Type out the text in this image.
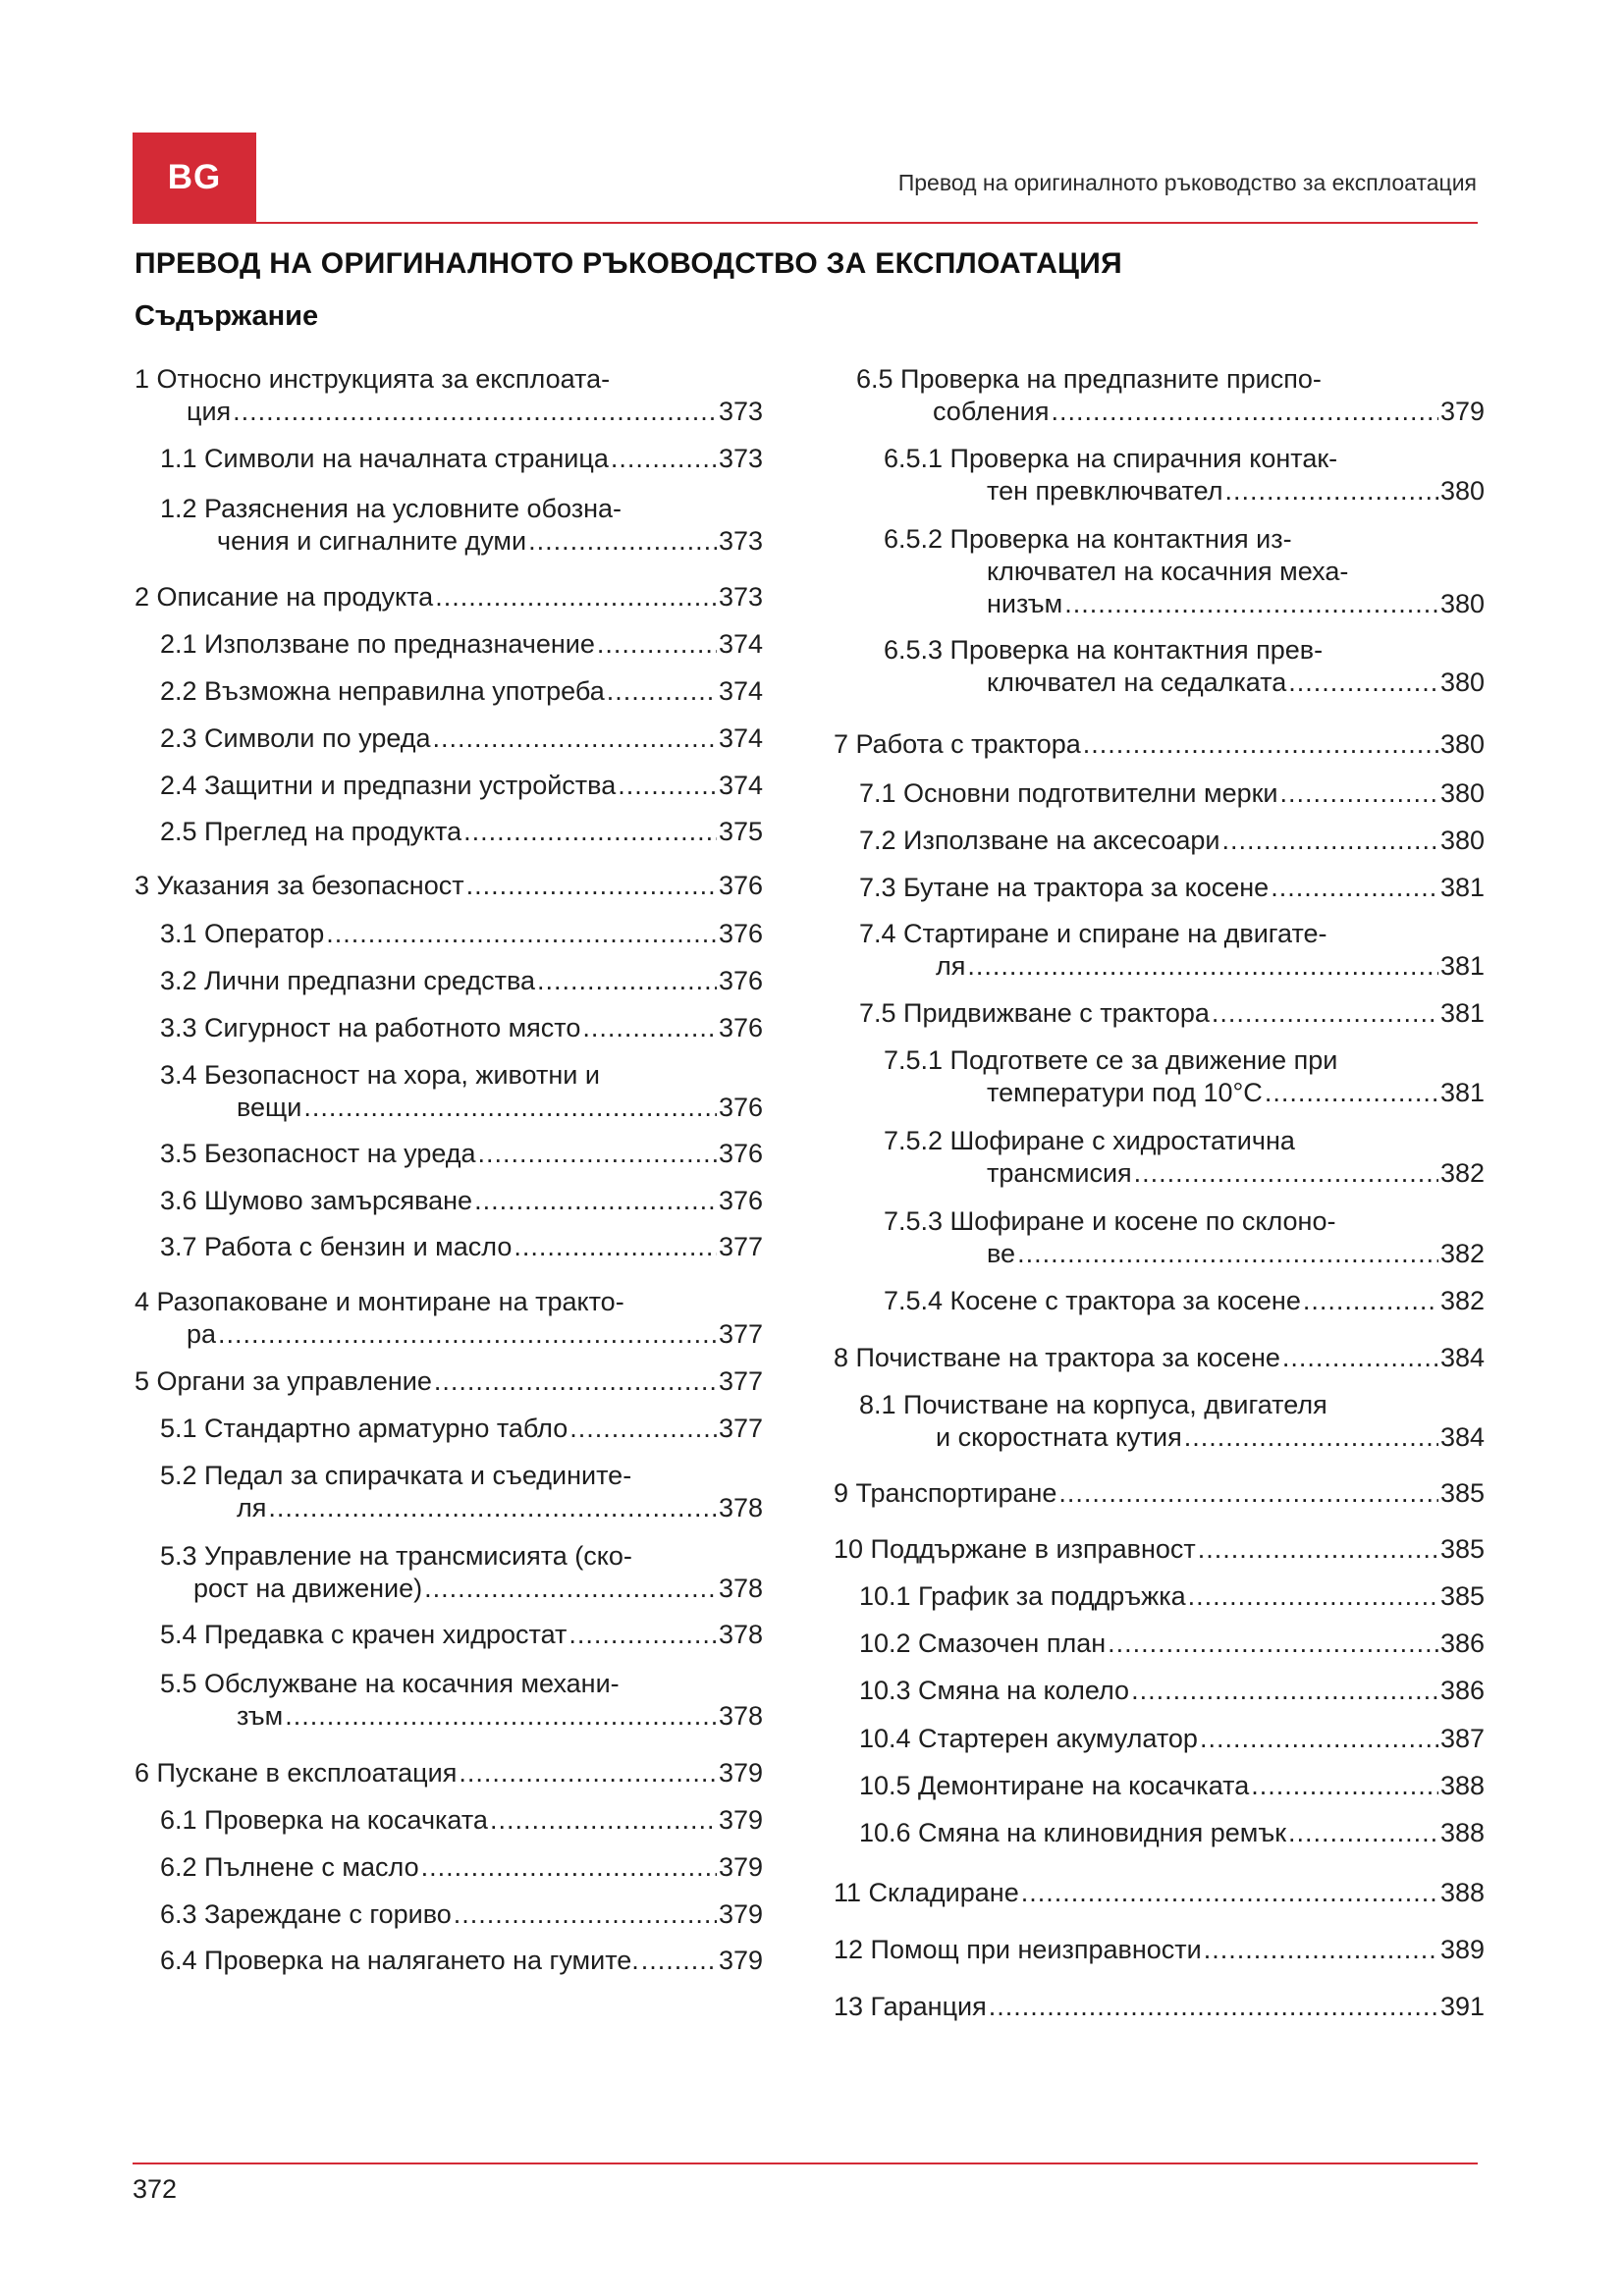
BG	Превод на оригиналното ръководство за експлоатация
ПРЕВОД НА ОРИГИНАЛНОТО РЪКОВОДСТВО ЗА ЕКСПЛОАТАЦИЯ
Съдържание
1 Относно инструкцията за експлоата-
ция .....	373
1.1 Символи на началната страница .....	373
1.2 Разяснения на условните обозна-
чения и сигналните думи .....	373
2 Описание на продукта .....	373
2.1 Използване по предназначение .....	374
2.2 Възможна неправилна употреба .....	374
2.3 Символи по уреда .....	374
2.4 Защитни и предпазни устройства .....	374
2.5 Преглед на продукта .....	375
3 Указания за безопасност .....	376
3.1 Оператор .....	376
3.2 Лични предпазни средства .....	376
3.3 Сигурност на работното място .....	376
3.4 Безопасност на хора, животни и
вещи .....	376
3.5 Безопасност на уреда .....	376
3.6 Шумово замърсяване .....	376
3.7 Работа с бензин и масло .....	377
4 Разопаковане и монтиране на тракто-
ра .....	377
5 Органи за управление .....	377
5.1 Стандартно арматурно табло .....	377
5.2 Педал за спирачката и съедините-
ля .....	378
5.3 Управление на трансмисията (ско-
рост на движение) .....	378
5.4 Предавка с крачен хидростат .....	378
5.5 Обслужване на косачния механи-
зъм .....	378
6 Пускане в експлоатация .....	379
6.1 Проверка на косачката .....	379
6.2 Пълнене с масло .....	379
6.3 Зареждане с гориво .....	379
6.4 Проверка на налягането на гумите. .....	379
6.5 Проверка на предпазните приспо-
собления .....	379
6.5.1 Проверка на спирачния контак-
тен превключвател .....	380
6.5.2 Проверка на контактния из-
ключвател на косачния меха-
низъм .....	380
6.5.3 Проверка на контактния прев-
ключвател на седалката .....	380
7 Работа с трактора .....	380
7.1 Основни подготвителни мерки .....	380
7.2 Използване на аксесоари .....	380
7.3 Бутане на трактора за косене .....	381
7.4 Стартиране и спиране на двигате-
ля .....	381
7.5 Придвижване с трактора .....	381
7.5.1 Подгответе се за движение при
температури под 10°C .....	381
7.5.2 Шофиране с хидростатична
трансмисия .....	382
7.5.3 Шофиране и косене по склоно-
ве .....	382
7.5.4 Косене с трактора за косене .....	382
8 Почистване на трактора за косене .....	384
8.1 Почистване на корпуса, двигателя
и скоростната кутия .....	384
9 Транспортиране .....	385
10 Поддържане в изправност .....	385
10.1 График за поддръжка .....	385
10.2 Смазочен план .....	386
10.3 Смяна на колело .....	386
10.4 Стартерен акумулатор .....	387
10.5 Демонтиране на косачката .....	388
10.6 Смяна на клиновидния ремък .....	388
11 Складиране .....	388
12 Помощ при неизправности .....	389
13 Гаранция .....	391
372
